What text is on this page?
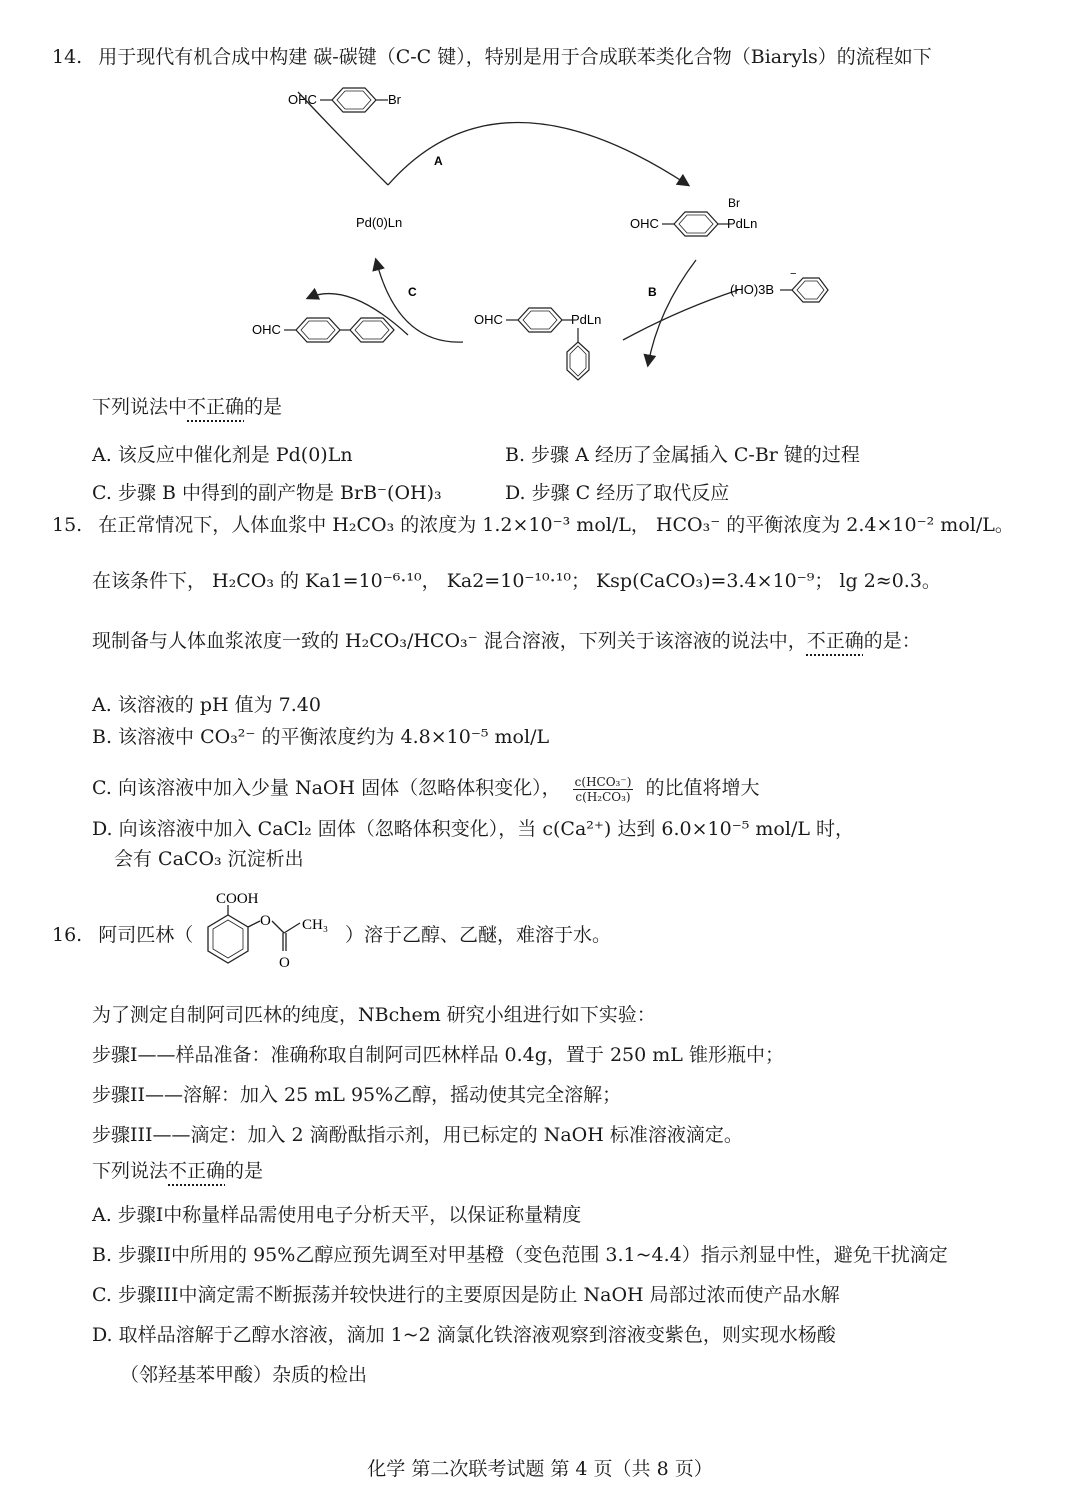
14. 用于现代有机合成中构建 碳-碳键（C-C 键），特别是用于合成联苯类化合物（Biaryls）的流程如下
OHC	Br
A
Pd(0)Ln
Br
OHC	PdLn
B	(HO)3B
−
OHC	PdLn
C
OHC
下列说法中不正确的是
A. 该反应中催化剂是 Pd(0)Ln	B. 步骤 A 经历了金属插入 C-Br 键的过程
C. 步骤 B 中得到的副产物是 BrB⁻(OH)₃	D. 步骤 C 经历了取代反应
15. 在正常情况下，人体血浆中 H₂CO₃ 的浓度为 1.2×10⁻³ mol/L， HCO₃⁻ 的平衡浓度为 2.4×10⁻² mol/L。
在该条件下， H₂CO₃ 的 Ka1=10⁻⁶·¹⁰， Ka2=10⁻¹⁰·¹⁰； Ksp(CaCO₃)=3.4×10⁻⁹； lg 2≈0.3。
现制备与人体血浆浓度一致的 H₂CO₃/HCO₃⁻ 混合溶液，下列关于该溶液的说法中，不正确的是：
A. 该溶液的 pH 值为 7.40
B. 该溶液中 CO₃²⁻ 的平衡浓度约为 4.8×10⁻⁵ mol/L
C. 向该溶液中加入少量 NaOH 固体（忽略体积变化）， $\frac{\text{c(HCO₃⁻)}}{\text{c(H₂CO₃)}}$ 的比值将增大
D. 向该溶液中加入 CaCl₂ 固体（忽略体积变化），当 c(Ca²⁺) 达到 6.0×10⁻⁵ mol/L 时，
会有 CaCO₃ 沉淀析出
16. 阿司匹林（
COOH
O CH₃
O
）溶于乙醇、乙醚，难溶于水。
为了测定自制阿司匹林的纯度，NBchem 研究小组进行如下实验：
步骤I——样品准备：准确称取自制阿司匹林样品 0.4g，置于 250 mL 锥形瓶中；
步骤II——溶解：加入 25 mL 95%乙醇，摇动使其完全溶解；
步骤III——滴定：加入 2 滴酚酞指示剂，用已标定的 NaOH 标准溶液滴定。
下列说法不正确的是
A. 步骤I中称量样品需使用电子分析天平，以保证称量精度
B. 步骤II中所用的 95%乙醇应预先调至对甲基橙（变色范围 3.1~4.4）指示剂显中性，避免干扰滴定
C. 步骤III中滴定需不断振荡并较快进行的主要原因是防止 NaOH 局部过浓而使产品水解
D. 取样品溶解于乙醇水溶液，滴加 1~2 滴氯化铁溶液观察到溶液变紫色，则实现水杨酸
（邻羟基苯甲酸）杂质的检出
化学 第二次联考试题 第 4 页（共 8 页）
